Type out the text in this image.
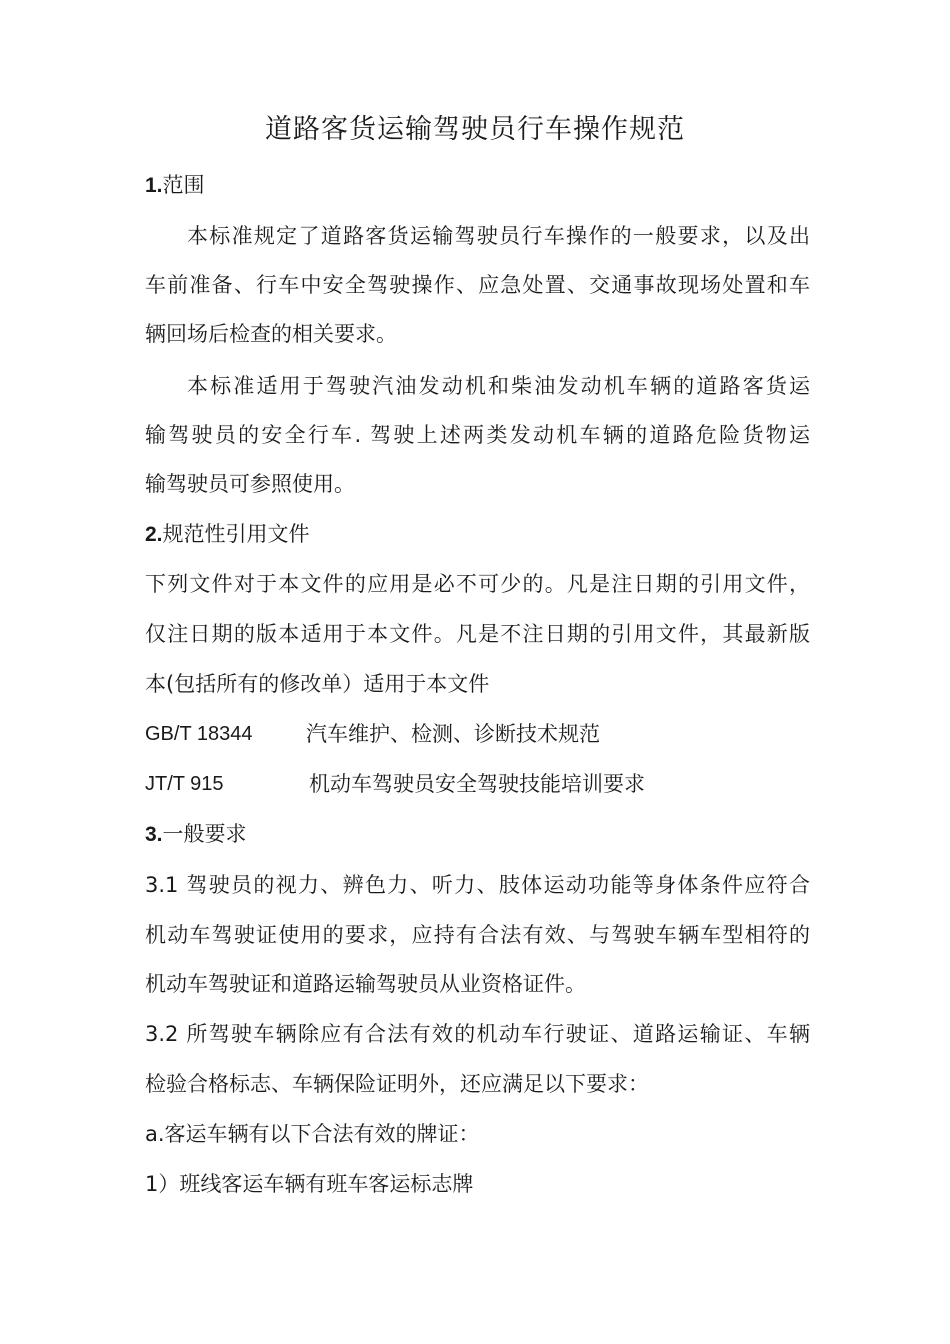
道路客货运输驾驶员行车操作规范
1.范围
本标准规定了道路客货运输驾驶员行车操作的一般要求，以及出
车前准备、行车中安全驾驶操作、应急处置、交通事故现场处置和车
辆回场后检查的相关要求。
本标准适用于驾驶汽油发动机和柴油发动机车辆的道路客货运
输驾驶员的安全行车. 驾驶上述两类发动机车辆的道路危险货物运
输驾驶员可参照使用。
2.规范性引用文件
下列文件对于本文件的应用是必不可少的。凡是注日期的引用文件，
仅注日期的版本适用于本文件。凡是不注日期的引用文件，其最新版
本(包括所有的修改单）适用于本文件
GB/T 18344	汽车维护、检测、诊断技术规范
JT/T 915	机动车驾驶员安全驾驶技能培训要求
3.一般要求
3.1 驾驶员的视力、辨色力、听力、肢体运动功能等身体条件应符合
机动车驾驶证使用的要求，应持有合法有效、与驾驶车辆车型相符的
机动车驾驶证和道路运输驾驶员从业资格证件。
3.2 所驾驶车辆除应有合法有效的机动车行驶证、道路运输证、车辆
检验合格标志、车辆保险证明外，还应满足以下要求：
a.客运车辆有以下合法有效的牌证：
1）班线客运车辆有班车客运标志牌
